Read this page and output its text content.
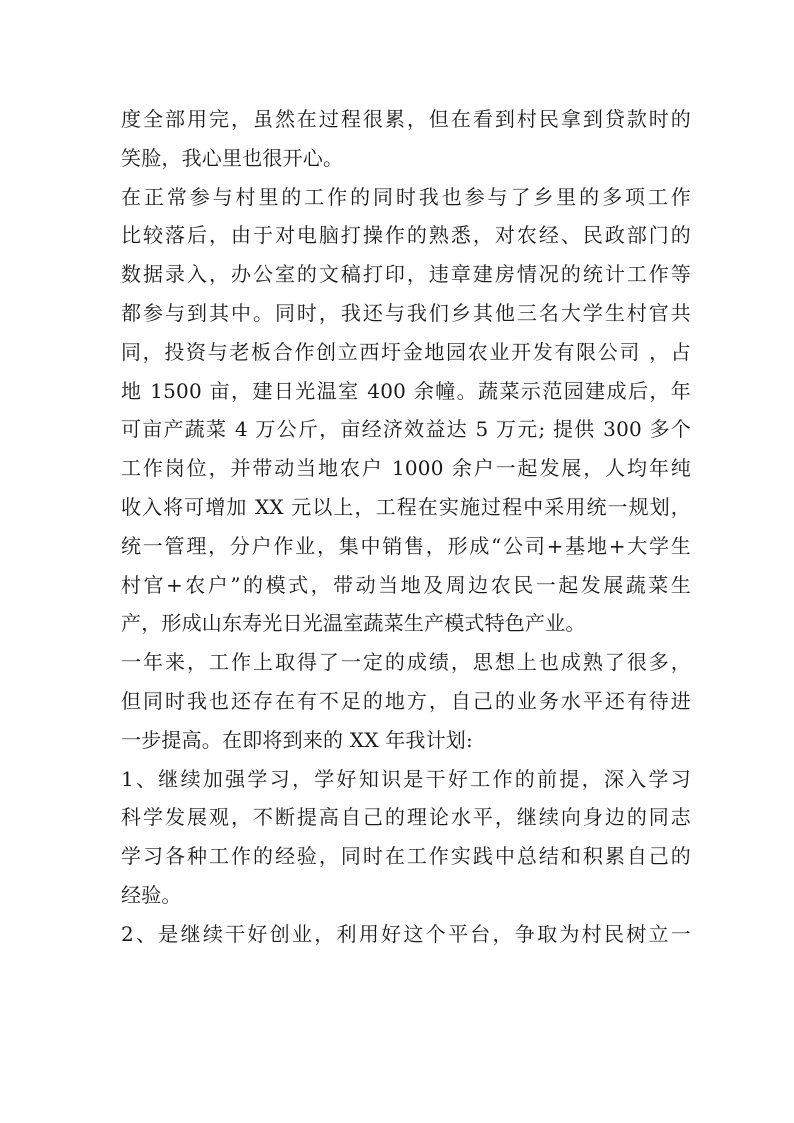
度全部用完，虽然在过程很累，但在看到村民拿到贷款时的
笑脸，我心里也很开心。
在正常参与村里的工作的同时我也参与了乡里的多项工作
比较落后，由于对电脑打操作的熟悉，对农经、民政部门的
数据录入，办公室的文稿打印，违章建房情况的统计工作等
都参与到其中。同时，我还与我们乡其他三名大学生村官共
同，投资与老板合作创立西圩金地园农业开发有限公司 ，占
地 1500 亩，建日光温室 400 余幢。蔬菜示范园建成后，年
可亩产蔬菜 4 万公斤，亩经济效益达 5 万元; 提供 300 多个
工作岗位，并带动当地农户 1000 余户一起发展，人均年纯
收入将可增加 XX 元以上，工程在实施过程中采用统一规划，
统一管理，分户作业，集中销售，形成“公司+基地+大学生
村官+农户”的模式，带动当地及周边农民一起发展蔬菜生
产，形成山东寿光日光温室蔬菜生产模式特色产业。
一年来，工作上取得了一定的成绩，思想上也成熟了很多，
但同时我也还存在有不足的地方，自己的业务水平还有待进
一步提高。在即将到来的 XX 年我计划:
1、继续加强学习，学好知识是干好工作的前提，深入学习
科学发展观，不断提高自己的理论水平，继续向身边的同志
学习各种工作的经验，同时在工作实践中总结和积累自己的
经验。
2、是继续干好创业，利用好这个平台，争取为村民树立一
